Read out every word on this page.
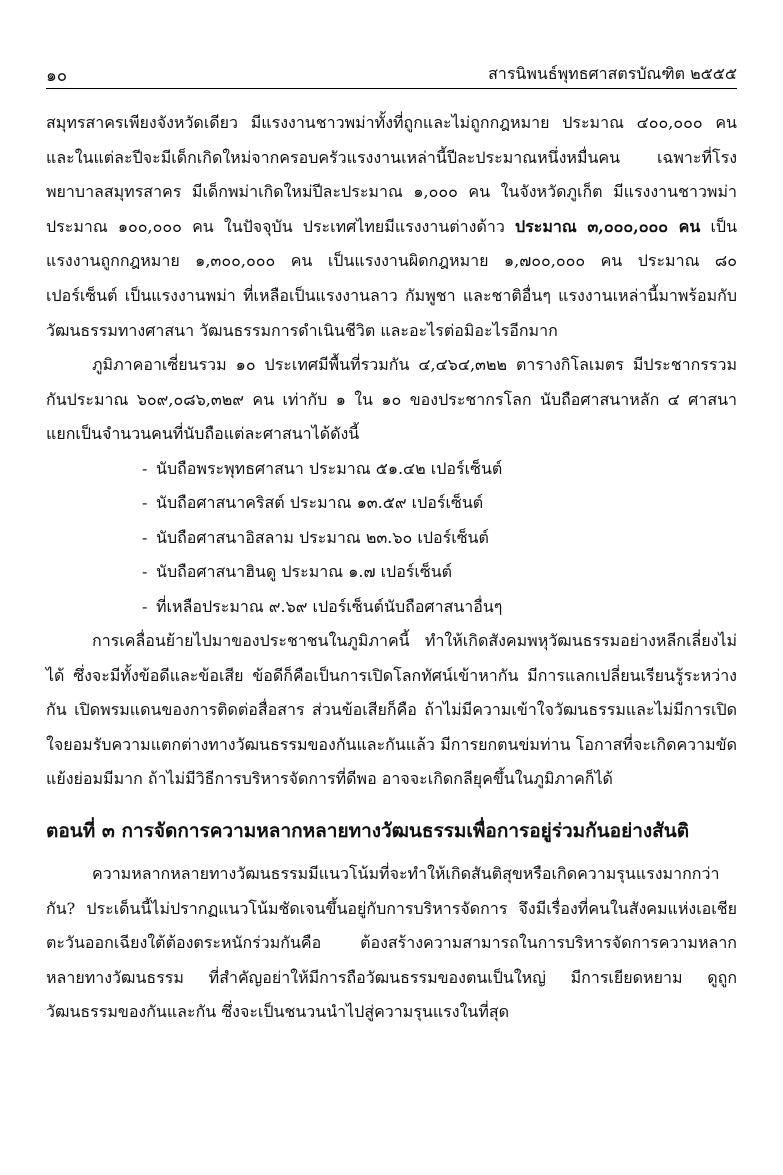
๑๐	สารนิพนธ์พุทธศาสตรบัณฑิต ๒๕๕๕

สมุทรสาครเพียงจังหวัดเดียว มีแรงงานชาวพม่าทั้งที่ถูกและไม่ถูกกฎหมาย ประมาณ ๔๐๐,๐๐๐ คน และในแต่ละปีจะมีเด็กเกิดใหม่จากครอบครัวแรงงานเหล่านี้ปีละประมาณหนึ่งหมื่นคน เฉพาะที่โรงพยาบาลสมุทรสาคร มีเด็กพม่าเกิดใหม่ปีละประมาณ ๑,๐๐๐ คน ในจังหวัดภูเก็ต มีแรงงานชาวพม่าประมาณ ๑๐๐,๐๐๐ คน ในปัจจุบัน ประเทศไทยมีแรงงานต่างด้าว ประมาณ ๓,๐๐๐,๐๐๐ คน เป็นแรงงานถูกกฎหมาย ๑,๓๐๐,๐๐๐ คน เป็นแรงงานผิดกฎหมาย ๑,๗๐๐,๐๐๐ คน ประมาณ ๘๐ เปอร์เซ็นต์ เป็นแรงงานพม่า ที่เหลือเป็นแรงงานลาว กัมพูชา และชาติอื่นๆ แรงงานเหล่านี้มาพร้อมกับวัฒนธรรมทางศาสนา วัฒนธรรมการดำเนินชีวิต และอะไรต่อมิอะไรอีกมาก

ภูมิภาคอาเซี่ยนรวม ๑๐ ประเทศมีพื้นที่รวมกัน ๔,๔๖๔,๓๒๒ ตารางกิโลเมตร มีประชากรรวมกันประมาณ ๖๐๙,๐๘๖,๓๒๙ คน เท่ากับ ๑ ใน ๑๐ ของประชากรโลก นับถือศาสนาหลัก ๔ ศาสนา แยกเป็นจำนวนคนที่นับถือแต่ละศาสนาได้ดังนี้

- นับถือพระพุทธศาสนา ประมาณ ๕๑.๔๒ เปอร์เซ็นต์
- นับถือศาสนาคริสต์ ประมาณ ๑๓.๕๙ เปอร์เซ็นต์
- นับถือศาสนาอิสลาม ประมาณ ๒๓.๖๐ เปอร์เซ็นต์
- นับถือศาสนาฮินดู ประมาณ ๑.๗ เปอร์เซ็นต์
- ที่เหลือประมาณ ๙.๖๙ เปอร์เซ็นต์นับถือศาสนาอื่นๆ

การเคลื่อนย้ายไปมาของประชาชนในภูมิภาคนี้ ทำให้เกิดสังคมพหุวัฒนธรรมอย่างหลีกเลี่ยงไม่ได้ ซึ่งจะมีทั้งข้อดีและข้อเสีย ข้อดีก็คือเป็นการเปิดโลกทัศน์เข้าหากัน มีการแลกเปลี่ยนเรียนรู้ระหว่างกัน เปิดพรมแดนของการติดต่อสื่อสาร ส่วนข้อเสียก็คือ ถ้าไม่มีความเข้าใจวัฒนธรรมและไม่มีการเปิดใจยอมรับความแตกต่างทางวัฒนธรรมของกันและกันแล้ว มีการยกตนข่มท่าน โอกาสที่จะเกิดความขัดแย้งย่อมมีมาก ถ้าไม่มีวิธีการบริหารจัดการที่ดีพอ อาจจะเกิดกลียุคขึ้นในภูมิภาคก็ได้

ตอนที่ ๓ การจัดการความหลากหลายทางวัฒนธรรมเพื่อการอยู่ร่วมกันอย่างสันติ

ความหลากหลายทางวัฒนธรรมมีแนวโน้มที่จะทำให้เกิดสันติสุขหรือเกิดความรุนแรงมากกว่ากัน? ประเด็นนี้ไม่ปรากฏแนวโน้มชัดเจนขึ้นอยู่กับการบริหารจัดการ จึงมีเรื่องที่คนในสังคมแห่งเอเชียตะวันออกเฉียงใต้ต้องตระหนักร่วมกันคือ ต้องสร้างความสามารถในการบริหารจัดการความหลากหลายทางวัฒนธรรม ที่สำคัญอย่าให้มีการถือวัฒนธรรมของตนเป็นใหญ่ มีการเยียดหยาม ดูถูกวัฒนธรรมของกันและกัน ซึ่งจะเป็นชนวนนำไปสู่ความรุนแรงในที่สุด
